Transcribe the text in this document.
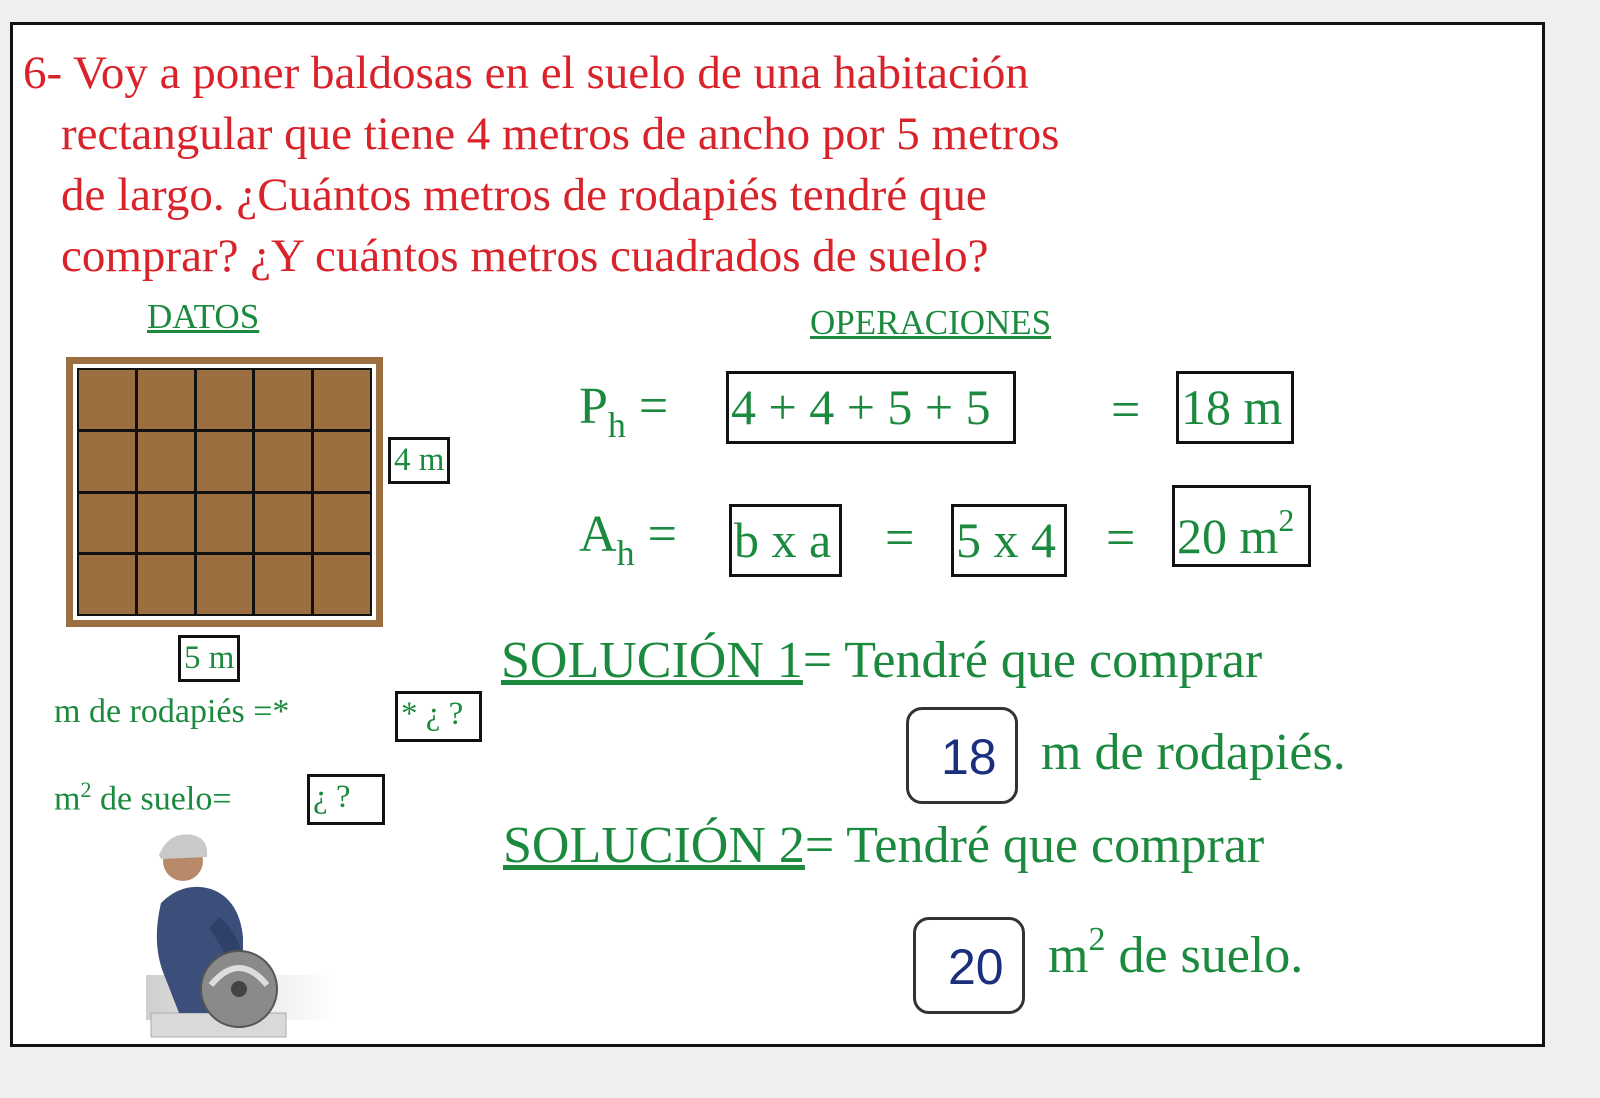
6- Voy a poner baldosas en el suelo de una habitación
rectangular que tiene 4 metros de ancho por 5 metros
de largo. ¿Cuántos metros de rodapiés tendré que
comprar? ¿Y cuántos metros cuadrados de suelo?
DATOS
4 m
5 m
m de rodapiés =*	* ¿ ?
$m^2$ de suelo= ¿ ?
OPERACIONES
$P_h = 4 + 4 + 5 + 5$	= 18 m
$A_h = b$ x a = 5 x 4 = 20 $m^2$
SOLUCIÓN 1= Tendré que comprar
18 m de rodapiés.
SOLUCIÓN 2= Tendré que comprar
20 $m^2$ de suelo.
